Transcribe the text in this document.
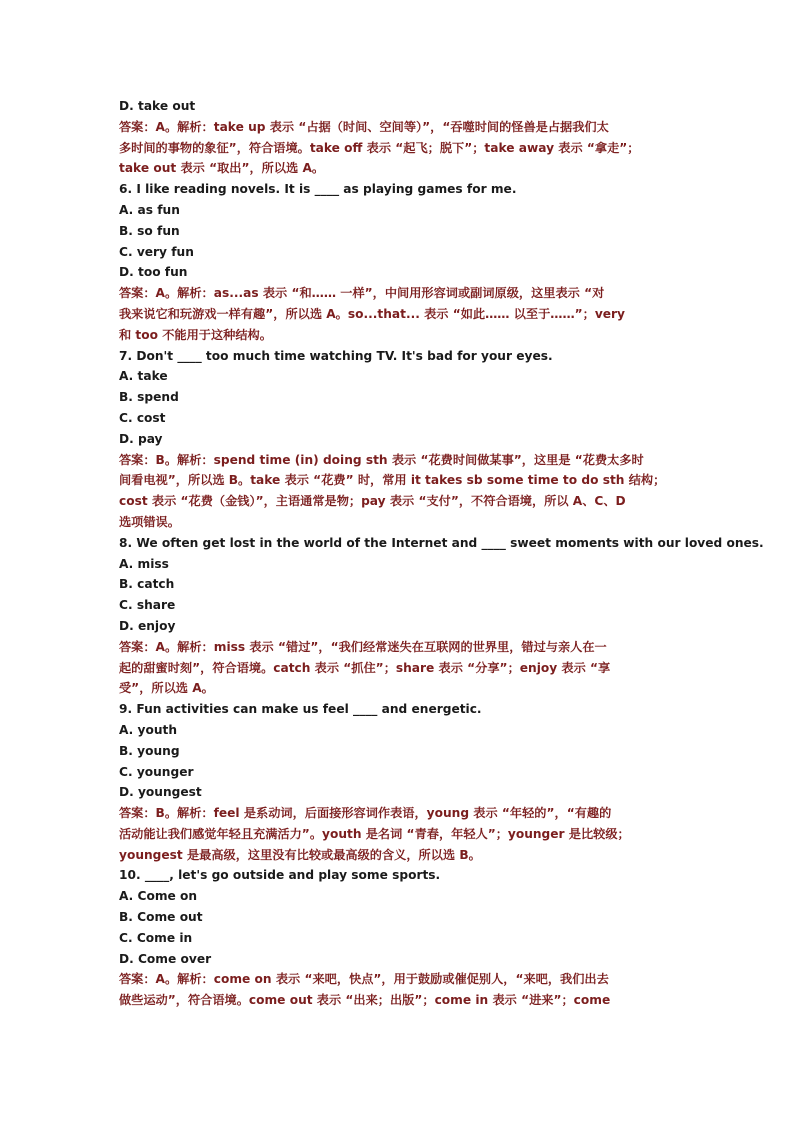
D. take out
答案：A。解析：take up 表示 “占据（时间、空间等）”，“吞噬时间的怪兽是占据我们太
多时间的事物的象征”，符合语境。take off 表示 “起飞；脱下”；take away 表示 “拿走”；
take out 表示 “取出”，所以选 A。
6. I like reading novels. It is ____ as playing games for me.
A. as fun
B. so fun
C. very fun
D. too fun
答案：A。解析：as...as 表示 “和…… 一样”，中间用形容词或副词原级，这里表示 “对
我来说它和玩游戏一样有趣”，所以选 A。so...that... 表示 “如此…… 以至于……”；very
和 too 不能用于这种结构。
7. Don't ____ too much time watching TV. It's bad for your eyes.
A. take
B. spend
C. cost
D. pay
答案：B。解析：spend time (in) doing sth 表示 “花费时间做某事”，这里是 “花费太多时
间看电视”，所以选 B。take 表示 “花费” 时，常用 it takes sb some time to do sth 结构；
cost 表示 “花费（金钱）”，主语通常是物；pay 表示 “支付”，不符合语境，所以 A、C、D
选项错误。
8. We often get lost in the world of the Internet and ____ sweet moments with our loved ones.
A. miss
B. catch
C. share
D. enjoy
答案：A。解析：miss 表示 “错过”，“我们经常迷失在互联网的世界里，错过与亲人在一
起的甜蜜时刻”，符合语境。catch 表示 “抓住”；share 表示 “分享”；enjoy 表示 “享
受”，所以选 A。
9. Fun activities can make us feel ____ and energetic.
A. youth
B. young
C. younger
D. youngest
答案：B。解析：feel 是系动词，后面接形容词作表语，young 表示 “年轻的”，“有趣的
活动能让我们感觉年轻且充满活力”。youth 是名词 “青春，年轻人”；younger 是比较级；
youngest 是最高级，这里没有比较或最高级的含义，所以选 B。
10. ____, let's go outside and play some sports.
A. Come on
B. Come out
C. Come in
D. Come over
答案：A。解析：come on 表示 “来吧，快点”，用于鼓励或催促别人，“来吧，我们出去
做些运动”，符合语境。come out 表示 “出来；出版”；come in 表示 “进来”；come
